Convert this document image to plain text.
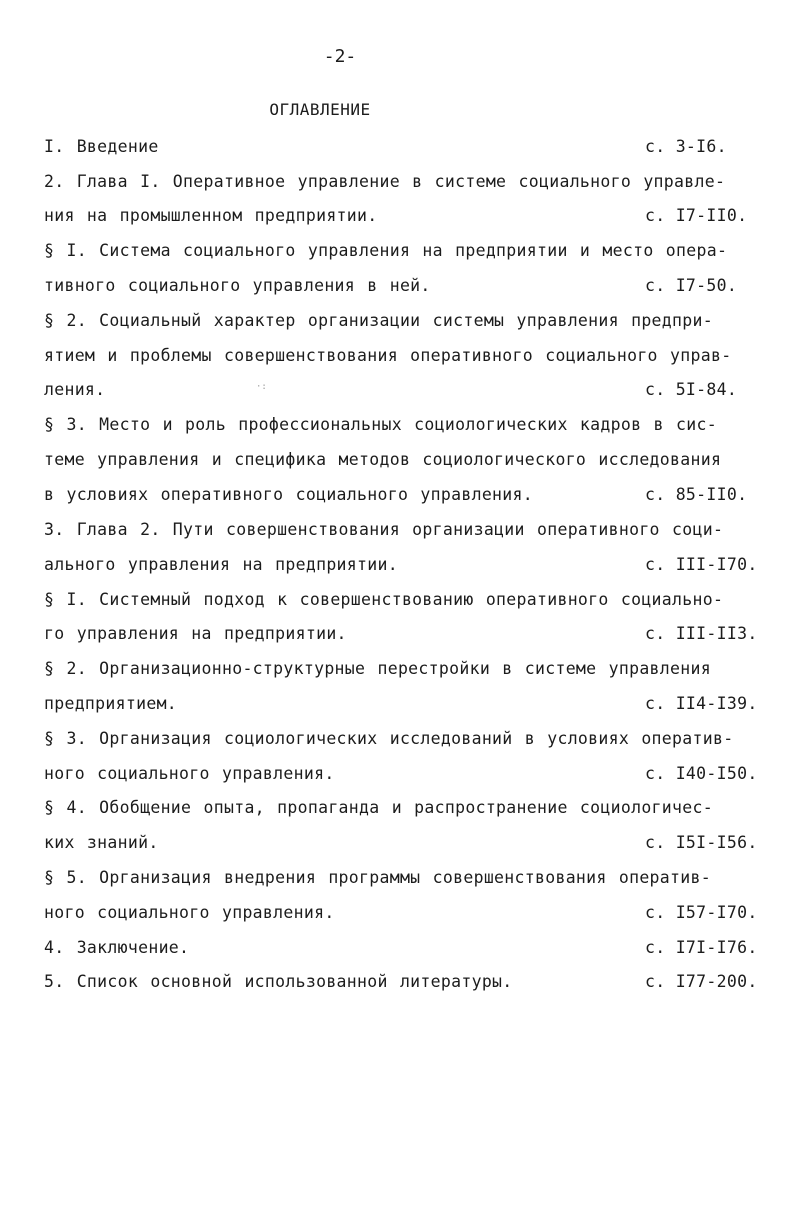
-2-
ОГЛАВЛЕНИЕ
I. Введение	с. 3-I6.
2. Глава I. Оперативное управление в системе социального управле-
ния на промышленном предприятии.	с. I7-II0.
§ I. Система социального управления на предприятии и место опера-
тивного социального управления в ней.	с. I7-50.
§ 2. Социальный характер организации системы управления предпри-
ятием и проблемы совершенствования оперативного социального управ-
ления.	с. 5I-84.
§ 3. Место и роль профессиональных социологических кадров в сис-
теме управления и специфика методов социологического исследования
в условиях оперативного социального управления.	с. 85-II0.
3. Глава 2. Пути совершенствования организации оперативного соци-
ального управления на предприятии.	с. III-I70.
§ I. Системный подход к совершенствованию оперативного социально-
го управления на предприятии.	с. III-II3.
§ 2. Организационно-структурные перестройки в системе управления
предприятием.	с. II4-I39.
§ 3. Организация социологических исследований в условиях оператив-
ного социального управления.	с. I40-I50.
§ 4. Обобщение опыта, пропаганда и распространение социологичес-
ких знаний.	с. I5I-I56.
§ 5. Организация внедрения программы совершенствования оператив-
ного социального управления.	с. I57-I70.
4. Заключение.	с. I7I-I76.
5. Список основной использованной литературы.	с. I77-200.
·:
